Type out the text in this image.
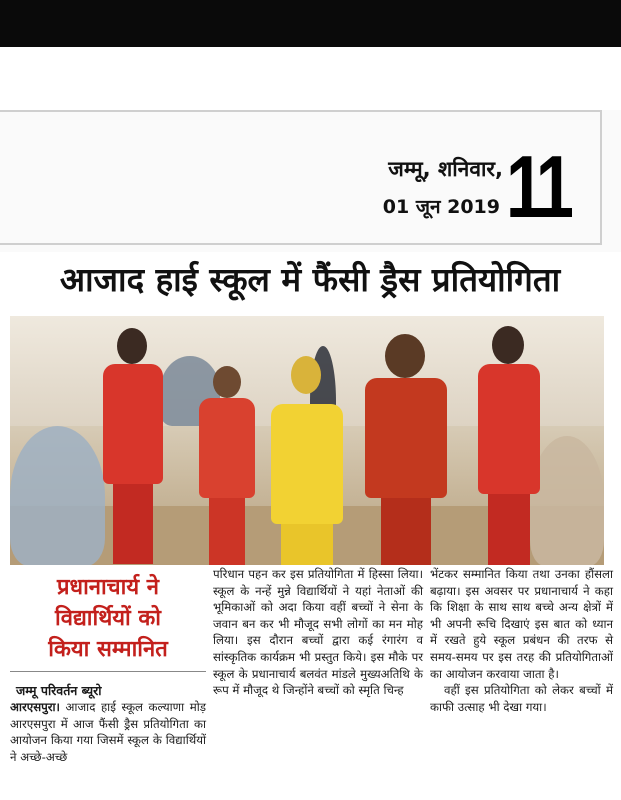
जम्मू, शनिवार,
01 जून 2019 11
आजाद हाई स्कूल में फैंसी ड्रैस प्रतियोगिता
प्रधानाचार्य ने
विद्यार्थियों को
किया सम्मानित
जम्मू परिवर्तन ब्यूरो

आरएसपुरा। आजाद हाई स्कूल कल्याणा मोड़ आरएसपुरा में आज फैंसी ड्रैस प्रतियोगिता का आयोजन किया गया जिसमें स्कूल के विद्यार्थियों ने अच्छे-अच्छे

परिधान पहन कर इस प्रतियोगिता में हिस्सा लिया। स्कूल के नन्हें मुन्ने विद्यार्थियों ने यहां नेताओं की भूमिकाओं को अदा किया वहीं बच्चों ने सेना के जवान बन कर भी मौजूद सभी लोगों का मन मोह लिया। इस दौरान बच्चों द्वारा कई रंगारंग व सांस्कृतिक कार्यक्रम भी प्रस्तुत किये। इस मौके पर स्कूल के प्रधानाचार्य बलवंत मांडले मुख्यअतिथि के रूप में मौजूद थे जिन्होंने बच्चों को स्मृति चिन्ह

भेंटकर सम्मानित किया तथा उनका हौंसला बढ़ाया। इस अवसर पर प्रधानाचार्य ने कहा कि शिक्षा के साथ साथ बच्चे अन्य क्षेत्रों में भी अपनी रूचि दिखाएं इस बात को ध्यान में रखते हुये स्कूल प्रबंधन की तरफ से समय-समय पर इस तरह की प्रतियोगिताओं का आयोजन करवाया जाता है।

वहीं इस प्रतियोगिता को लेकर बच्चों में काफी उत्साह भी देखा गया।
